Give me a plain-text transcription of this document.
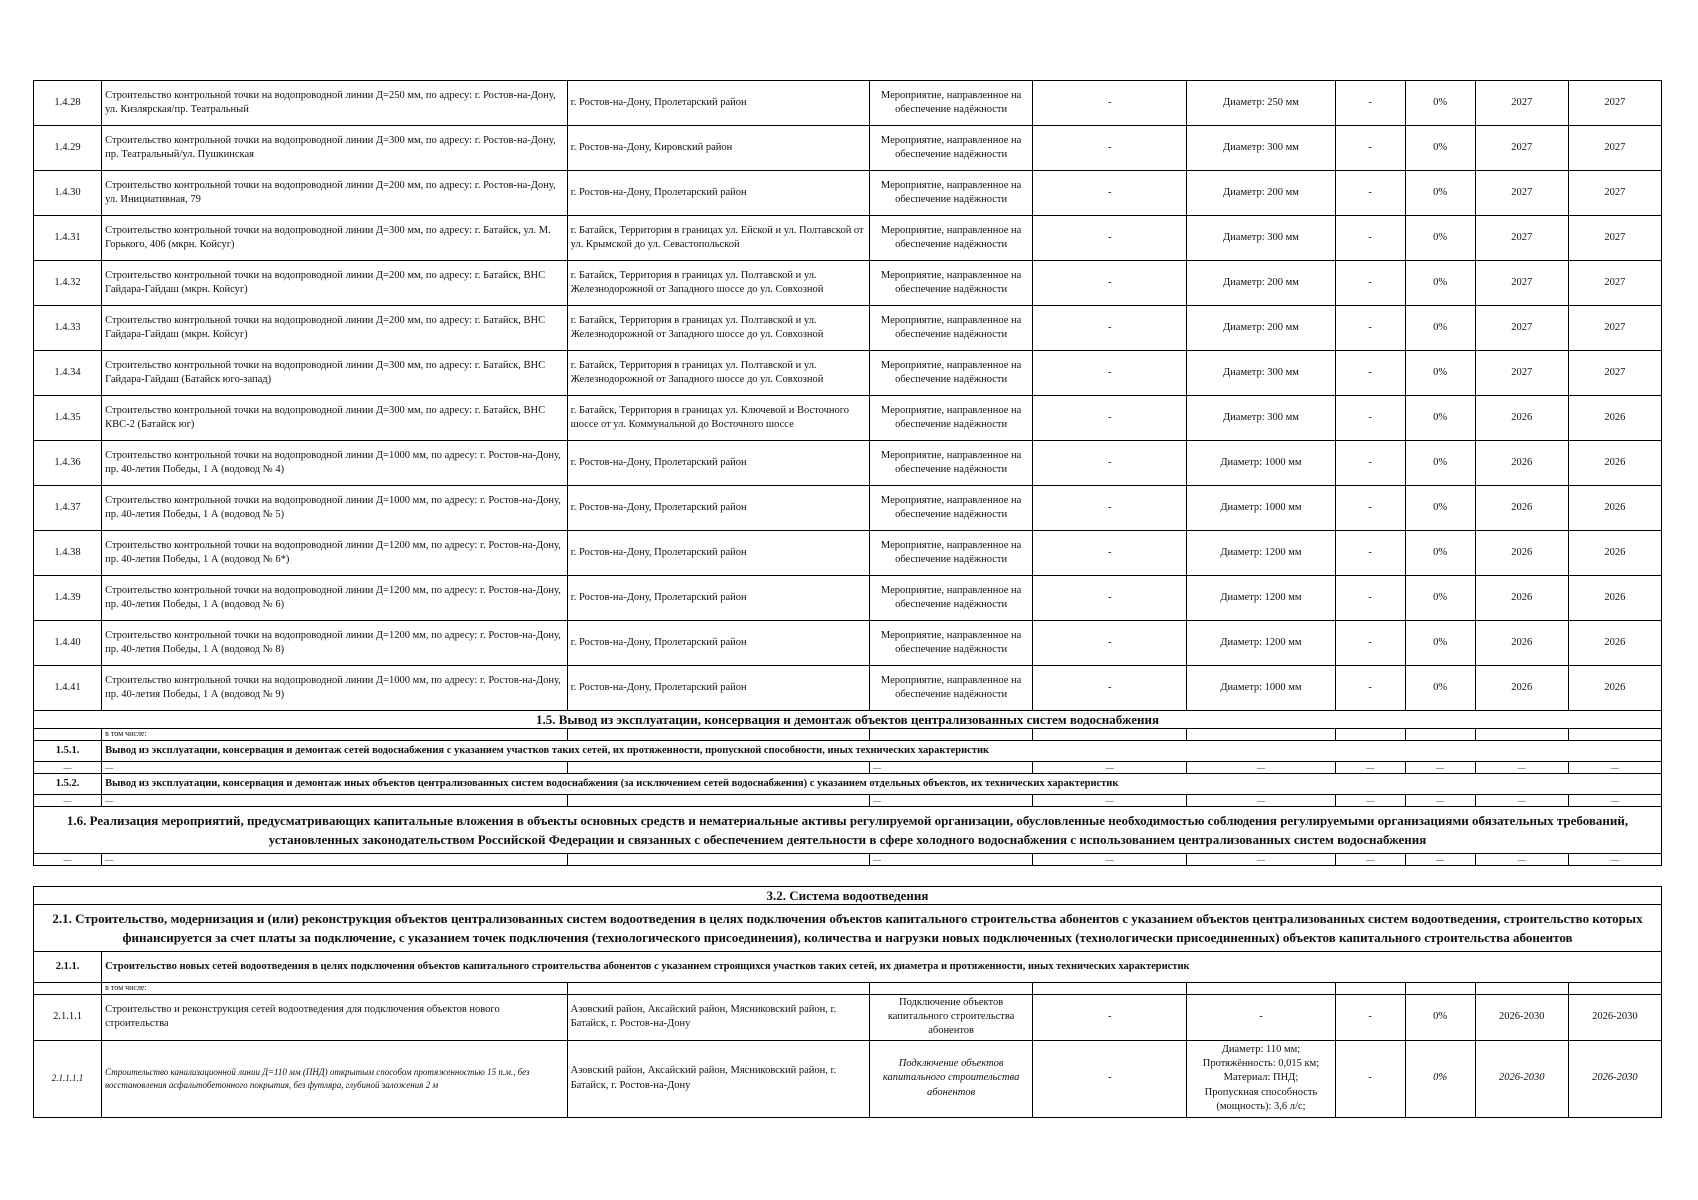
1.4.28	Строительство контрольной точки на водопроводной линии Д=250 мм, по адресу: г. Ростов-на-Дону, ул. Кизлярская/пр. Театральный	г. Ростов-на-Дону, Пролетарский район	Мероприятие, направленное на обеспечение надёжности	-	Диаметр: 250 мм	-	0%	2027	2027
1.4.29	Строительство контрольной точки на водопроводной линии Д=300 мм, по адресу: г. Ростов-на-Дону, пр. Театральный/ул. Пушкинская	г. Ростов-на-Дону, Кировский район	Мероприятие, направленное на обеспечение надёжности	-	Диаметр: 300 мм	-	0%	2027	2027
1.4.30	Строительство контрольной точки на водопроводной линии Д=200 мм, по адресу: г. Ростов-на-Дону, ул. Инициативная, 79	г. Ростов-на-Дону, Пролетарский район	Мероприятие, направленное на обеспечение надёжности	-	Диаметр: 200 мм	-	0%	2027	2027
1.4.31	Строительство контрольной точки на водопроводной линии Д=300 мм, по адресу: г. Батайск, ул. М. Горького, 406 (мкрн. Койсуг)	г. Батайск, Территория в границах ул. Ейской и ул. Полтавской от ул. Крымской до ул. Севастопольской	Мероприятие, направленное на обеспечение надёжности	-	Диаметр: 300 мм	-	0%	2027	2027
1.4.32	Строительство контрольной точки на водопроводной линии Д=200 мм, по адресу: г. Батайск, ВНС Гайдара-Гайдаш (мкрн. Койсуг)	г. Батайск, Территория в границах ул. Полтавской и ул. Железнодорожной от Западного шоссе до ул. Совхозной	Мероприятие, направленное на обеспечение надёжности	-	Диаметр: 200 мм	-	0%	2027	2027
1.4.33	Строительство контрольной точки на водопроводной линии Д=200 мм, по адресу: г. Батайск, ВНС Гайдара-Гайдаш (мкрн. Койсуг)	г. Батайск, Территория в границах ул. Полтавской и ул. Железнодорожной от Западного шоссе до ул. Совхозной	Мероприятие, направленное на обеспечение надёжности	-	Диаметр: 200 мм	-	0%	2027	2027
1.4.34	Строительство контрольной точки на водопроводной линии Д=300 мм, по адресу: г. Батайск, ВНС Гайдара-Гайдаш (Батайск юго-запад)	г. Батайск, Территория в границах ул. Полтавской и ул. Железнодорожной от Западного шоссе до ул. Совхозной	Мероприятие, направленное на обеспечение надёжности	-	Диаметр: 300 мм	-	0%	2027	2027
1.4.35	Строительство контрольной точки на водопроводной линии Д=300 мм, по адресу: г. Батайск, ВНС КВС-2 (Батайск юг)	г. Батайск, Территория в границах ул. Ключевой и Восточного шоссе от ул. Коммунальной до Восточного шоссе	Мероприятие, направленное на обеспечение надёжности	-	Диаметр: 300 мм	-	0%	2026	2026
1.4.36	Строительство контрольной точки на водопроводной линии Д=1000 мм, по адресу: г. Ростов-на-Дону, пр. 40-летия Победы, 1 А (водовод № 4)	г. Ростов-на-Дону, Пролетарский район	Мероприятие, направленное на обеспечение надёжности	-	Диаметр: 1000 мм	-	0%	2026	2026
1.4.37	Строительство контрольной точки на водопроводной линии Д=1000 мм, по адресу: г. Ростов-на-Дону, пр. 40-летия Победы, 1 А (водовод № 5)	г. Ростов-на-Дону, Пролетарский район	Мероприятие, направленное на обеспечение надёжности	-	Диаметр: 1000 мм	-	0%	2026	2026
1.4.38	Строительство контрольной точки на водопроводной линии Д=1200 мм, по адресу: г. Ростов-на-Дону, пр. 40-летия Победы, 1 А (водовод № 6*)	г. Ростов-на-Дону, Пролетарский район	Мероприятие, направленное на обеспечение надёжности	-	Диаметр: 1200 мм	-	0%	2026	2026
1.4.39	Строительство контрольной точки на водопроводной линии Д=1200 мм, по адресу: г. Ростов-на-Дону, пр. 40-летия Победы, 1 А (водовод № 6)	г. Ростов-на-Дону, Пролетарский район	Мероприятие, направленное на обеспечение надёжности	-	Диаметр: 1200 мм	-	0%	2026	2026
1.4.40	Строительство контрольной точки на водопроводной линии Д=1200 мм, по адресу: г. Ростов-на-Дону, пр. 40-летия Победы, 1 А (водовод № 8)	г. Ростов-на-Дону, Пролетарский район	Мероприятие, направленное на обеспечение надёжности	-	Диаметр: 1200 мм	-	0%	2026	2026
1.4.41	Строительство контрольной точки на водопроводной линии Д=1000 мм, по адресу: г. Ростов-на-Дону, пр. 40-летия Победы, 1 А (водовод № 9)	г. Ростов-на-Дону, Пролетарский район	Мероприятие, направленное на обеспечение надёжности	-	Диаметр: 1000 мм	-	0%	2026	2026
1.5. Вывод из эксплуатации, консервация и демонтаж объектов централизованных систем водоснабжения									
	в том числе:								
1.5.1.	Вывод из эксплуатации, консервация и демонтаж сетей водоснабжения с указанием участков таких сетей, их протяженности, пропускной способности, иных технических характеристик								
—	—		—	—	—	—	—	—	—
1.5.2.	Вывод из эксплуатации, консервация и демонтаж иных объектов централизованных систем водоснабжения (за исключением сетей водоснабжения) с указанием отдельных объектов, их технических характеристик								
—	—		—	—	—	—	—	—	—
1.6. Реализация мероприятий, предусматривающих капитальные вложения в объекты основных средств и нематериальные активы регулируемой организации, обусловленные необходимостью соблюдения регулируемыми организациями обязательных требований, установленных законодательством Российской Федерации и связанных с обеспечением деятельности в сфере холодного водоснабжения с использованием централизованных систем водоснабжения									
—	—		—	—	—	—	—	—	—
3.2. Система водоотведения									
2.1. Строительство, модернизация и (или) реконструкция объектов централизованных систем водоотведения в целях подключения объектов капитального строительства абонентов с указанием объектов централизованных систем водоотведения, строительство которых финансируется за счет платы за подключение, с указанием точек подключения (технологического присоединения), количества и нагрузки новых подключенных (технологически присоединенных) объектов капитального строительства абонентов									
2.1.1.	Строительство новых сетей водоотведения в целях подключения объектов капитального строительства абонентов с указанием строящихся участков таких сетей, их диаметра и протяженности, иных технических характеристик								
	в том числе:								
2.1.1.1	Строительство и реконструкция сетей водоотведения для подключения объектов нового строительства	Азовский район, Аксайский район, Мясниковский район, г. Батайск, г. Ростов-на-Дону	Подключение объектов капитального строительства абонентов	-	-	-	0%	2026-2030	2026-2030
2.1.1.1.1	Строительство канализационной линии Д=110 мм (ПНД) открытым способом протяженностью 15 п.м., без восстановления асфальтобетонного покрытия, без футляра, глубиной заложения 2 м	Азовский район, Аксайский район, Мясниковский район, г. Батайск, г. Ростов-на-Дону	Подключение объектов капитального строительства абонентов	-	Диаметр: 110 мм;
Протяжённость: 0,015 км;
Материал: ПНД;
Пропускная способность
(мощность): 3,6 л/с;	-	0%	2026-2030	2026-2030
